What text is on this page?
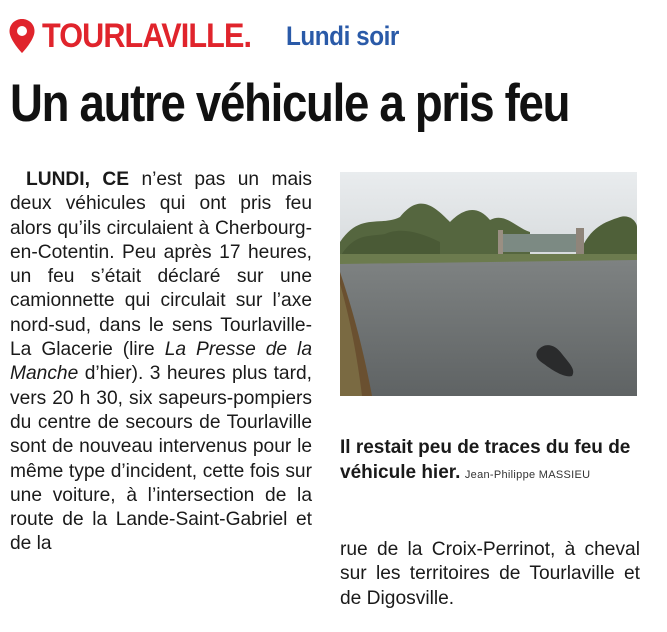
TOURLAVILLE.	Lundi soir
Un autre véhicule a pris feu

LUNDI, CE n’est pas un mais deux véhicules qui ont pris feu alors qu’ils circulaient à Cherbourg-en-Cotentin. Peu après 17 heures, un feu s’était déclaré sur une camionnette qui circulait sur l’axe nord-sud, dans le sens Tourlaville-La Glacerie (lire La Presse de la Manche d’hier). 3 heures plus tard, vers 20 h 30, six sapeurs-pompiers du centre de secours de Tourlaville sont de nouveau intervenus pour le même type d’incident, cette fois sur une voiture, à l’intersection de la route de la Lande-Saint-Gabriel et de la

Il restait peu de traces du feu de véhicule hier. Jean-Philippe MASSIEU

rue de la Croix-Perrinot, à cheval sur les territoires de Tourlaville et de Digosville.
